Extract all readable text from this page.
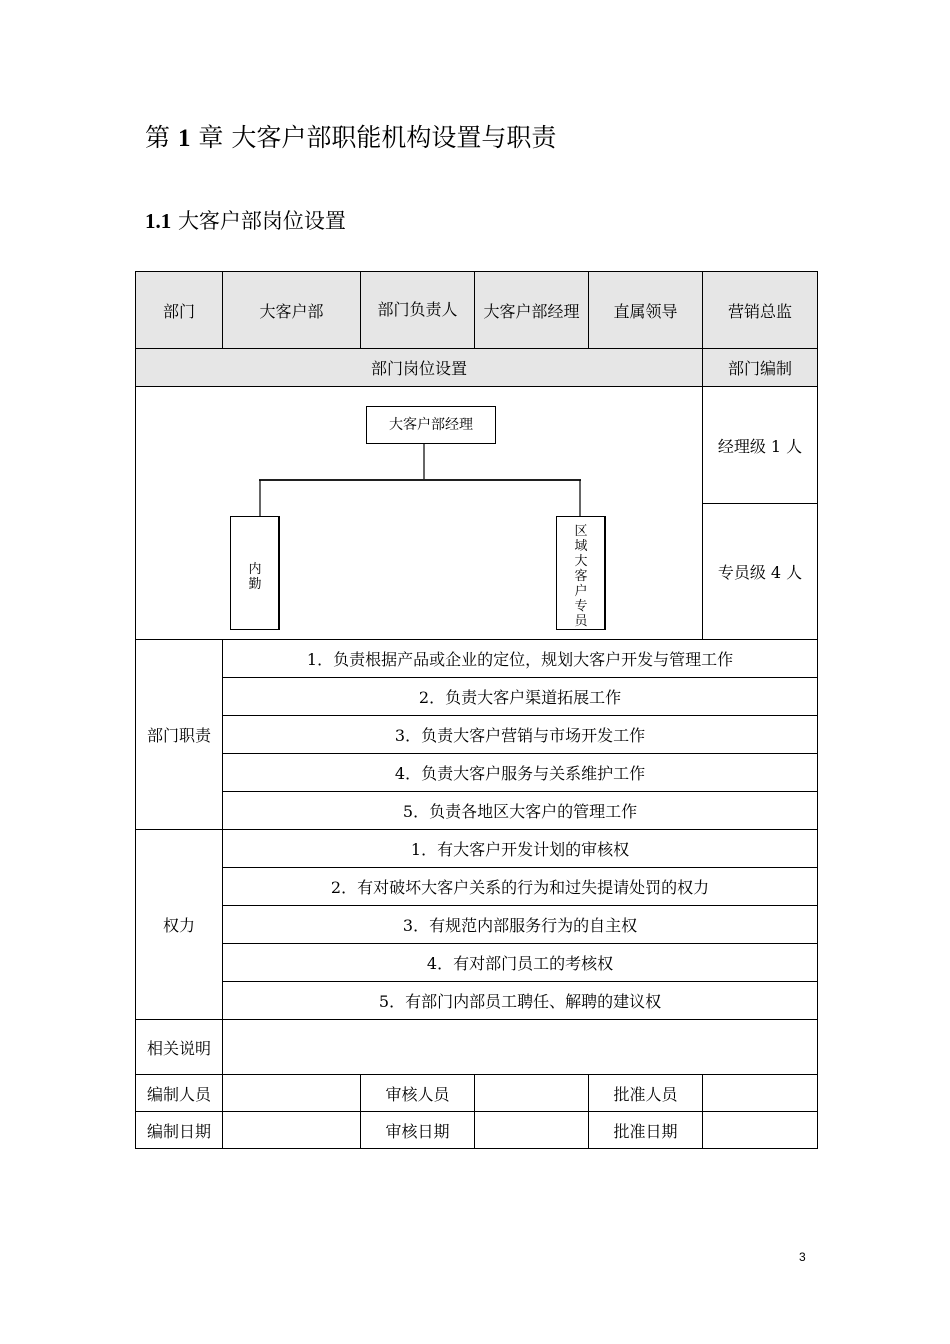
第 1 章 大客户部职能机构设置与职责
1.1 大客户部岗位设置
部门	大客户部	部门负责人	大客户部经理	直属领导	营销总监
部门岗位设置					部门编制

大客户部经理
内勤
区域大客户专员					经理级 1 人
					专员级 4 人
部门职责	1．负责根据产品或企业的定位，规划大客户开发与管理工作				
	2．负责大客户渠道拓展工作				
	3．负责大客户营销与市场开发工作				
	4．负责大客户服务与关系维护工作				
	5．负责各地区大客户的管理工作				
权力	1．有大客户开发计划的审核权				
	2．有对破坏大客户关系的行为和过失提请处罚的权力				
	3．有规范内部服务行为的自主权				
	4．有对部门员工的考核权				
	5．有部门内部员工聘任、解聘的建议权				
相关说明					
编制人员		审核人员		批准人员	
编制日期		审核日期		批准日期	
3
